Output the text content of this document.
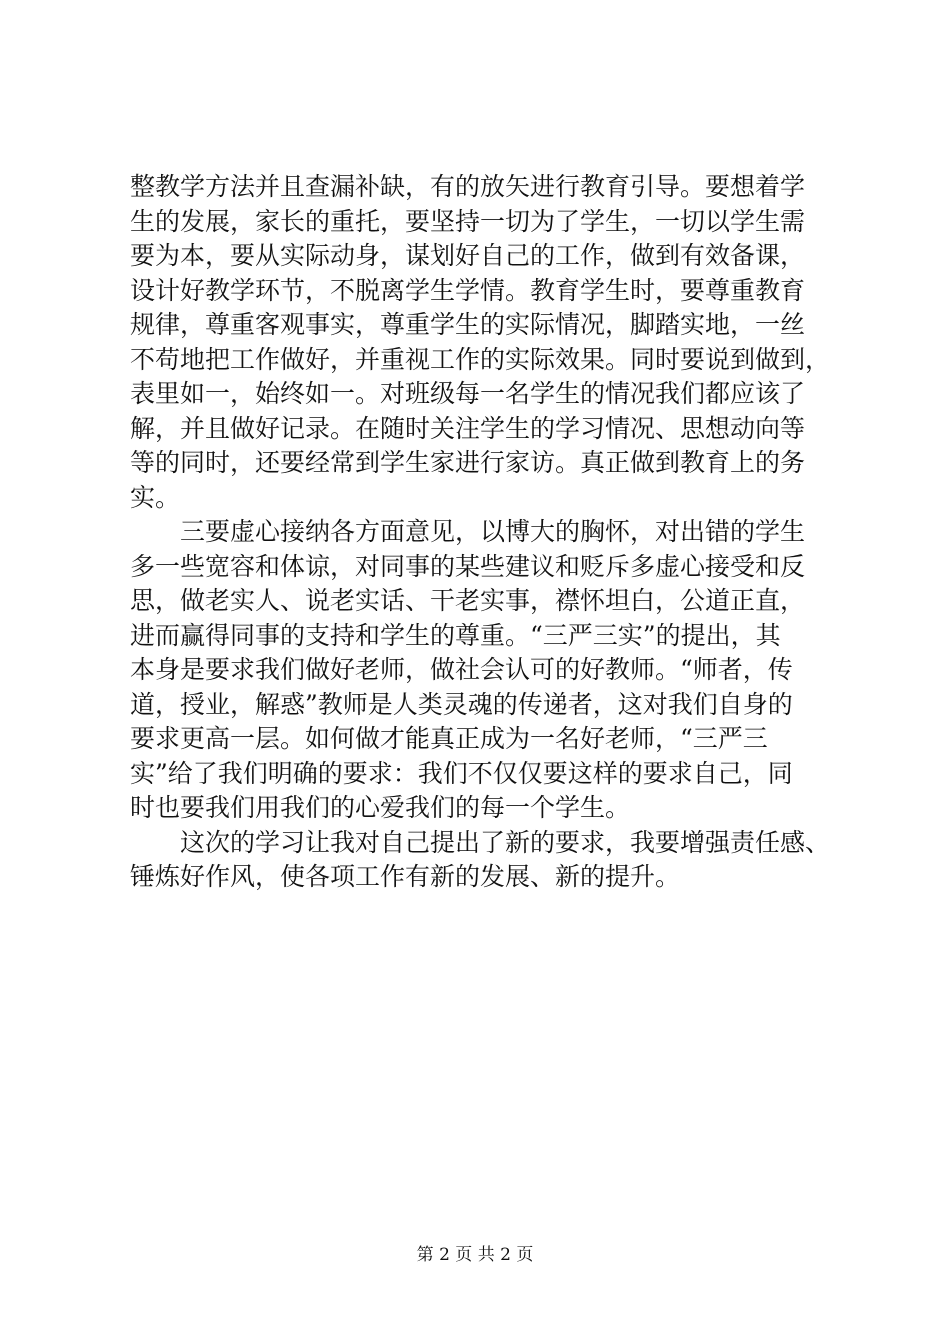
整教学方法并且查漏补缺，有的放矢进行教育引导。要想着学
生的发展，家长的重托，要坚持一切为了学生，一切以学生需
要为本，要从实际动身，谋划好自己的工作，做到有效备课，
设计好教学环节，不脱离学生学情。教育学生时，要尊重教育
规律，尊重客观事实，尊重学生的实际情况，脚踏实地，一丝
不苟地把工作做好，并重视工作的实际效果。同时要说到做到，
表里如一，始终如一。对班级每一名学生的情况我们都应该了
解，并且做好记录。在随时关注学生的学习情况、思想动向等
等的同时，还要经常到学生家进行家访。真正做到教育上的务
实。
三要虚心接纳各方面意见，以博大的胸怀，对出错的学生
多一些宽容和体谅，对同事的某些建议和贬斥多虚心接受和反
思，做老实人、说老实话、干老实事，襟怀坦白，公道正直，
进而赢得同事的支持和学生的尊重。“三严三实”的提出，其
本身是要求我们做好老师，做社会认可的好教师。“师者，传
道，授业，解惑”教师是人类灵魂的传递者，这对我们自身的
要求更高一层。如何做才能真正成为一名好老师，“三严三
实”给了我们明确的要求：我们不仅仅要这样的要求自己，同
时也要我们用我们的心爱我们的每一个学生。
这次的学习让我对自己提出了新的要求，我要增强责任感、
锤炼好作风，使各项工作有新的发展、新的提升。
第 2 页 共 2 页
